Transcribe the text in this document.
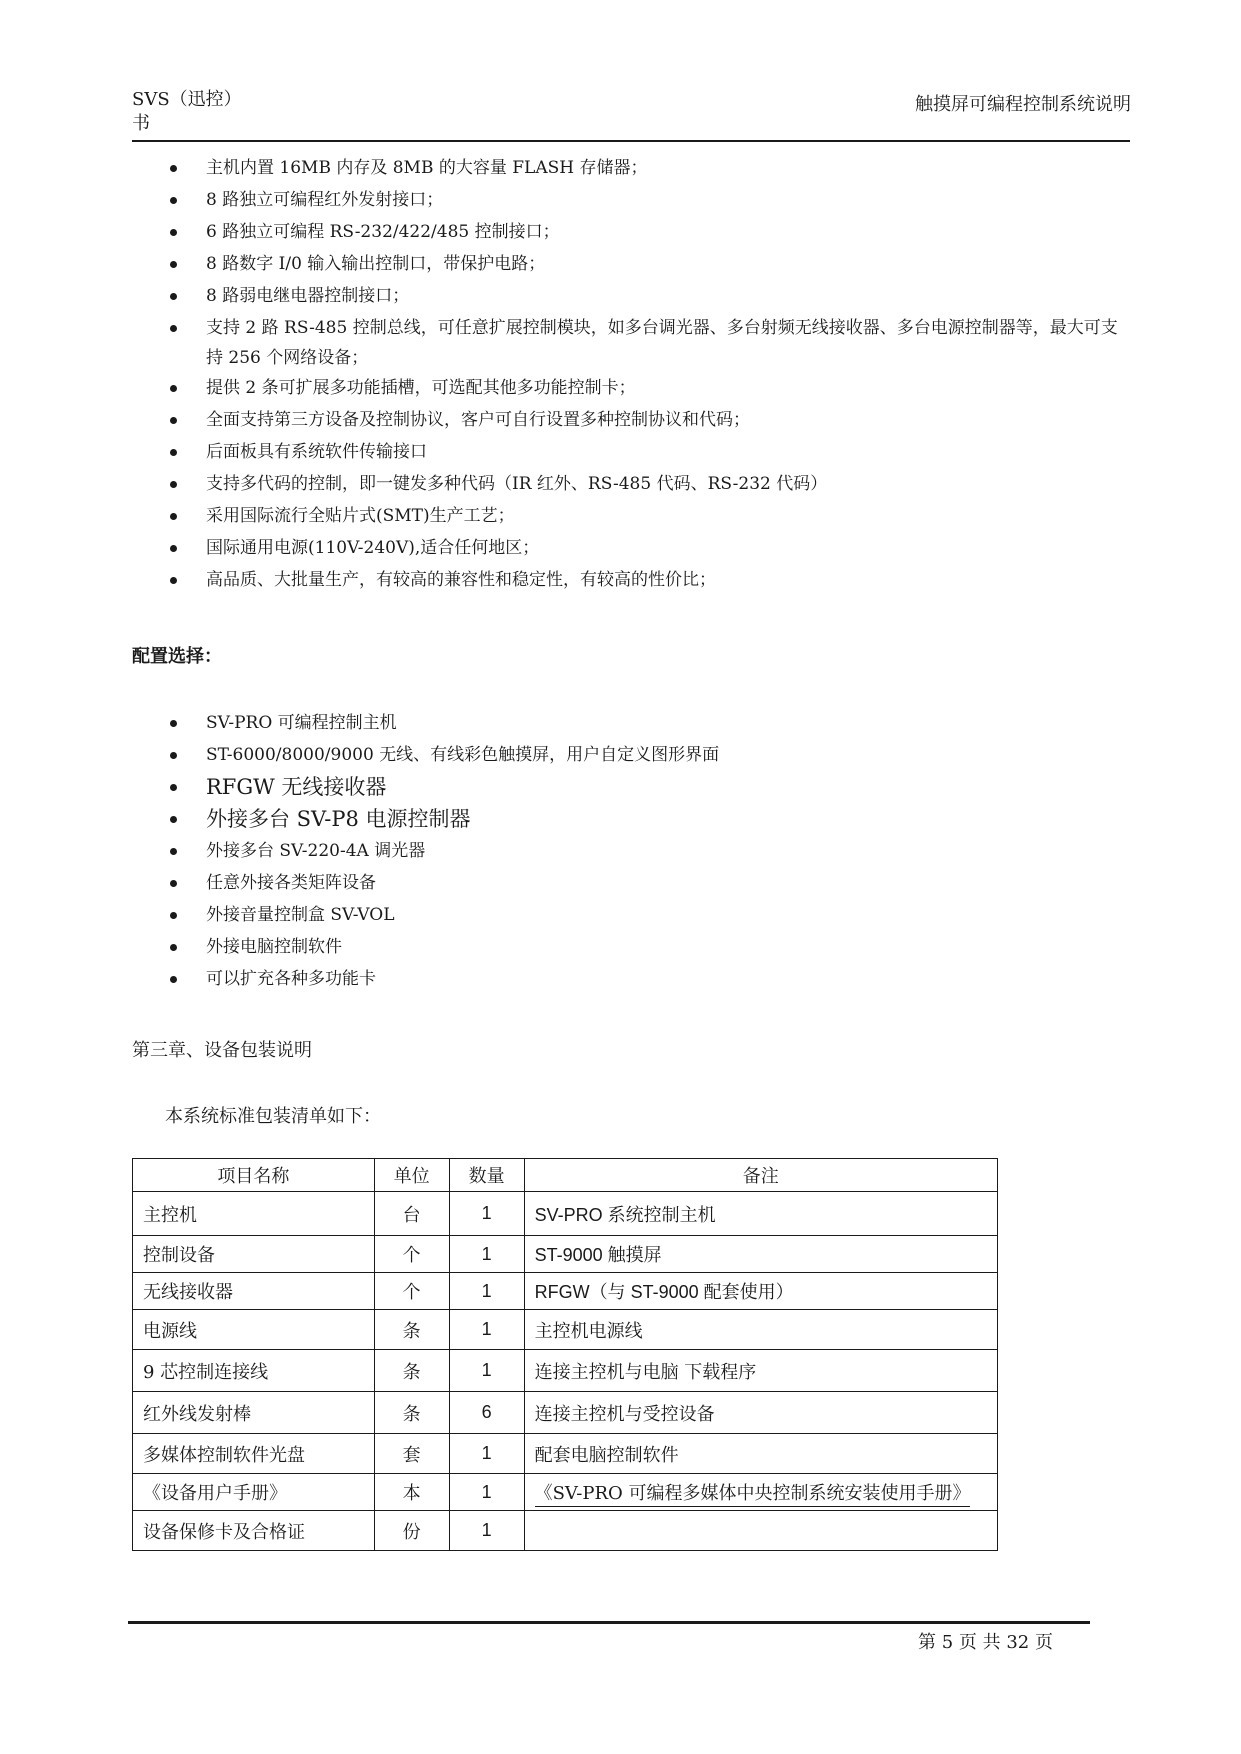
SVS（迅控）
书
触摸屏可编程控制系统说明
主机内置 16MB 内存及 8MB 的大容量 FLASH 存储器；
8 路独立可编程红外发射接口；
6 路独立可编程 RS-232/422/485 控制接口；
8 路数字 I/0 输入输出控制口，带保护电路；
8 路弱电继电器控制接口；
支持 2 路 RS-485 控制总线，可任意扩展控制模块，如多台调光器、多台射频无线接收器、多台电源控制器等，最大可支持 256 个网络设备；
提供 2 条可扩展多功能插槽，可选配其他多功能控制卡；
全面支持第三方设备及控制协议，客户可自行设置多种控制协议和代码；
后面板具有系统软件传输接口
支持多代码的控制，即一键发多种代码（IR 红外、RS-485 代码、RS-232 代码）
采用国际流行全贴片式(SMT)生产工艺；
国际通用电源(110V-240V),适合任何地区；
高品质、大批量生产，有较高的兼容性和稳定性，有较高的性价比；
配置选择：
SV-PRO 可编程控制主机
ST-6000/8000/9000 无线、有线彩色触摸屏，用户自定义图形界面
RFGW 无线接收器
外接多台 SV-P8 电源控制器
外接多台 SV-220-4A 调光器
任意外接各类矩阵设备
外接音量控制盒 SV-VOL
外接电脑控制软件
可以扩充各种多功能卡
第三章、设备包装说明
本系统标准包装清单如下：
项目名称	单位	数量	备注
主控机	台	1	SV-PRO 系统控制主机
控制设备	个	1	ST-9000 触摸屏
无线接收器	个	1	RFGW（与 ST-9000 配套使用）
电源线	条	1	主控机电源线
9 芯控制连接线	条	1	连接主控机与电脑 下载程序
红外线发射棒	条	6	连接主控机与受控设备
多媒体控制软件光盘	套	1	配套电脑控制软件
《设备用户手册》	本	1	《SV-PRO 可编程多媒体中央控制系统安装使用手册》
设备保修卡及合格证	份	1	
第 5 页 共 32 页
